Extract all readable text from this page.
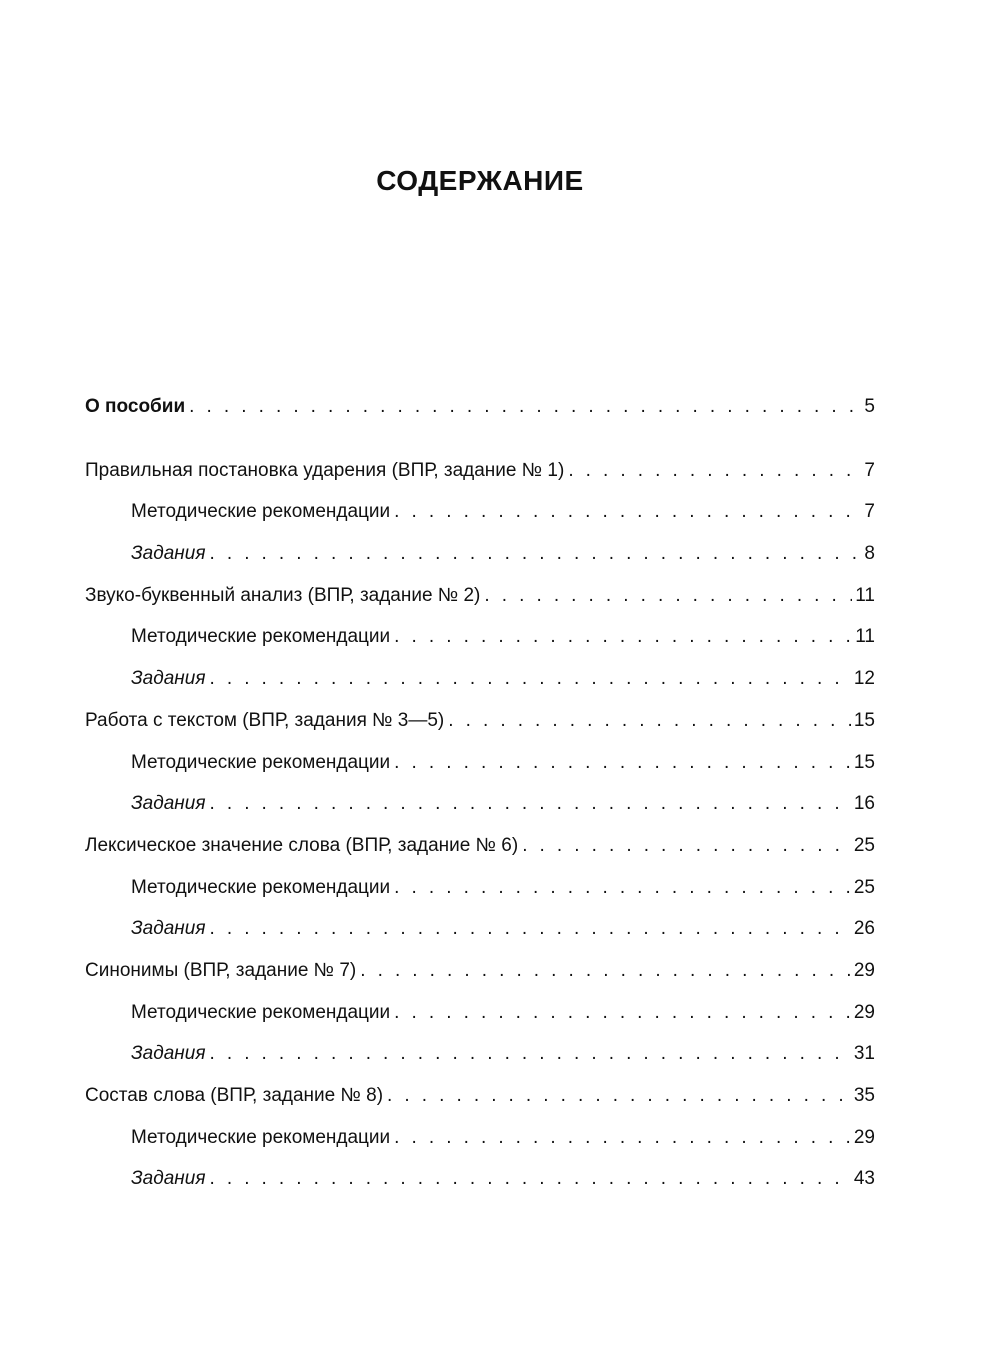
СОДЕРЖАНИЕ
О пособии . . .	5
Правильная постановка ударения (ВПР, задание № 1) . . .	7
Методические рекомендации . . .	7
Задания . . .	8
Звуко-буквенный анализ (ВПР, задание № 2) . . .	11
Методические рекомендации . . .	11
Задания . . .	12
Работа с текстом (ВПР, задания № 3—5) . . .	15
Методические рекомендации . . .	15
Задания . . .	16
Лексическое значение слова (ВПР, задание № 6) . . .	25
Методические рекомендации . . .	25
Задания . . .	26
Синонимы (ВПР, задание № 7) . . .	29
Методические рекомендации . . .	29
Задания . . .	31
Состав слова (ВПР, задание № 8) . . .	35
Методические рекомендации . . .	29
Задания . . .	43
